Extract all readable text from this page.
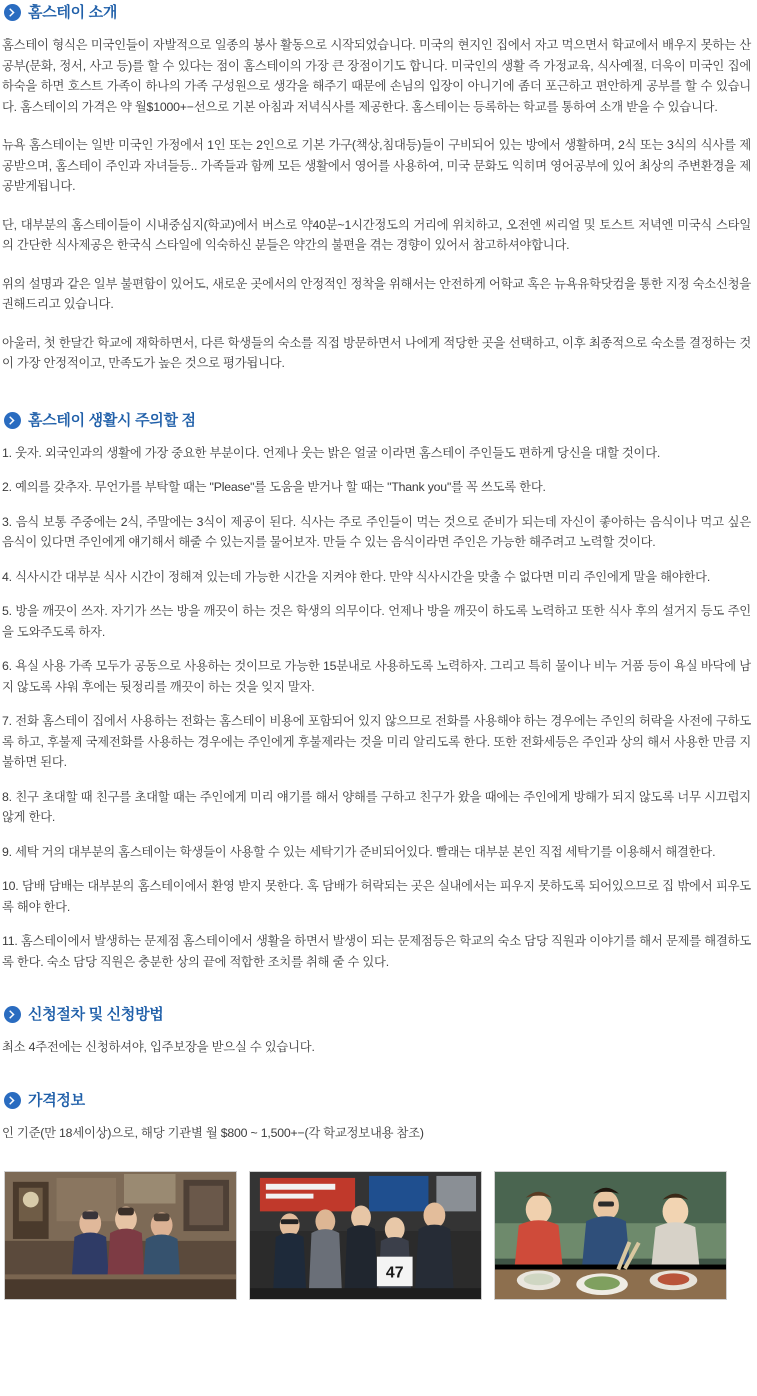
홈스테이 소개

홈스테이 형식은 미국인들이 자발적으로 일종의 봉사 활동으로 시작되었습니다. 미국의 현지인 집에서 자고 먹으면서 학교에서 배우지 못하는 산 공부(문화, 정서, 사고 등)를 할 수 있다는 점이 홈스테이의 가장 큰 장점이기도 합니다. 미국인의 생활 즉 가정교육, 식사예절, 더욱이 미국인 집에 하숙을 하면 호스트 가족이 하나의 가족 구성원으로 생각을 해주기 때문에 손님의 입장이 아니기에 좀더 포근하고 편안하게 공부를 할 수 있습니다. 홈스테이의 가격은 약 월$1000+−선으로 기본 아침과 저녁식사를 제공한다. 홈스테이는 등록하는 학교를 통하여 소개 받을 수 있습니다.

뉴욕 홈스테이는 일반 미국인 가정에서 1인 또는 2인으로 기본 가구(책상,침대등)들이 구비되어 있는 방에서 생활하며, 2식 또는 3식의 식사를 제공받으며, 홈스테이 주인과 자녀들등.. 가족들과 함께 모든 생활에서 영어를 사용하여, 미국 문화도 익히며 영어공부에 있어 최상의 주변환경을 제공받게됩니다.

단, 대부분의 홈스테이들이 시내중심지(학교)에서 버스로 약40분~1시간정도의 거리에 위치하고, 오전엔 씨리얼 및 토스트 저녁엔 미국식 스타일의 간단한 식사제공은 한국식 스타일에 익숙하신 분들은 약간의 불편을 겪는 경향이 있어서 참고하셔야합니다.

위의 설명과 같은 일부 불편함이 있어도, 새로운 곳에서의 안정적인 정착을 위해서는 안전하게 어학교 혹은 뉴욕유학닷컴을 통한 지정 숙소신청을 권해드리고 있습니다.

아울러, 첫 한달간 학교에 재학하면서, 다른 학생들의 숙소를 직접 방문하면서 나에게 적당한 곳을 선택하고, 이후 최종적으로 숙소를 결정하는 것이 가장 안정적이고, 만족도가 높은 것으로 평가됩니다.

홈스테이 생활시 주의할 점

1. 웃자. 외국인과의 생활에 가장 중요한 부분이다. 언제나 웃는 밝은 얼굴 이라면 홈스테이 주인들도 편하게 당신을 대할 것이다.

2. 예의를 갖추자. 무언가를 부탁할 때는 "Please"를 도움을 받거나 할 때는 "Thank you"를 꼭 쓰도록 한다.

3. 음식 보통 주중에는 2식, 주말에는 3식이 제공이 된다. 식사는 주로 주인들이 먹는 것으로 준비가 되는데 자신이 좋아하는 음식이나 먹고 싶은 음식이 있다면 주인에게 얘기해서 해줄 수 있는지를 물어보자. 만들 수 있는 음식이라면 주인은 가능한 해주려고 노력할 것이다.

4. 식사시간 대부분 식사 시간이 정해져 있는데 가능한 시간을 지켜야 한다. 만약 식사시간을 맞출 수 없다면 미리 주인에게 말을 해야한다.

5. 방을 깨끗이 쓰자. 자기가 쓰는 방을 깨끗이 하는 것은 학생의 의무이다. 언제나 방을 깨끗이 하도록 노력하고 또한 식사 후의 설거지 등도 주인을 도와주도록 하자.

6. 욕실 사용 가족 모두가 공동으로 사용하는 것이므로 가능한 15분내로 사용하도록 노력하자. 그리고 특히 물이나 비누 거품 등이 욕실 바닥에 남지 않도록 샤워 후에는 뒷정리를 깨끗이 하는 것을 잊지 말자.

7. 전화 홈스테이 집에서 사용하는 전화는 홈스테이 비용에 포함되어 있지 않으므로 전화를 사용해야 하는 경우에는 주인의 허락을 사전에 구하도록 하고, 후불제 국제전화를 사용하는 경우에는 주인에게 후불제라는 것을 미리 알리도록 한다. 또한 전화세등은 주인과 상의 해서 사용한 만큼 지불하면 된다.

8. 친구 초대할 때 친구를 초대할 때는 주인에게 미리 얘기를 해서 양해를 구하고 친구가 왔을 때에는 주인에게 방해가 되지 않도록 너무 시끄럽지 않게 한다.

9. 세탁 거의 대부분의 홈스테이는 학생들이 사용할 수 있는 세탁기가 준비되어있다. 빨래는 대부분 본인 직접 세탁기를 이용해서 해결한다.

10. 담배 담배는 대부분의 홈스테이에서 환영 받지 못한다. 혹 담배가 허락되는 곳은 실내에서는 피우지 못하도록 되어있으므로 집 밖에서 피우도록 해야 한다.

11. 홈스테이에서 발생하는 문제점 홈스테이에서 생활을 하면서 발생이 되는 문제점등은 학교의 숙소 담당 직원과 이야기를 해서 문제를 해결하도록 한다. 숙소 담당 직원은 충분한 상의 끝에 적합한 조치를 취해 줄 수 있다.

신청절차 및 신청방법

최소 4주전에는 신청하셔야, 입주보장을 받으실 수 있습니다.

가격정보

인 기준(만 18세이상)으로, 해당 기관별 월 $800 ~ 1,500+−(각 학교정보내용 참조)

47
